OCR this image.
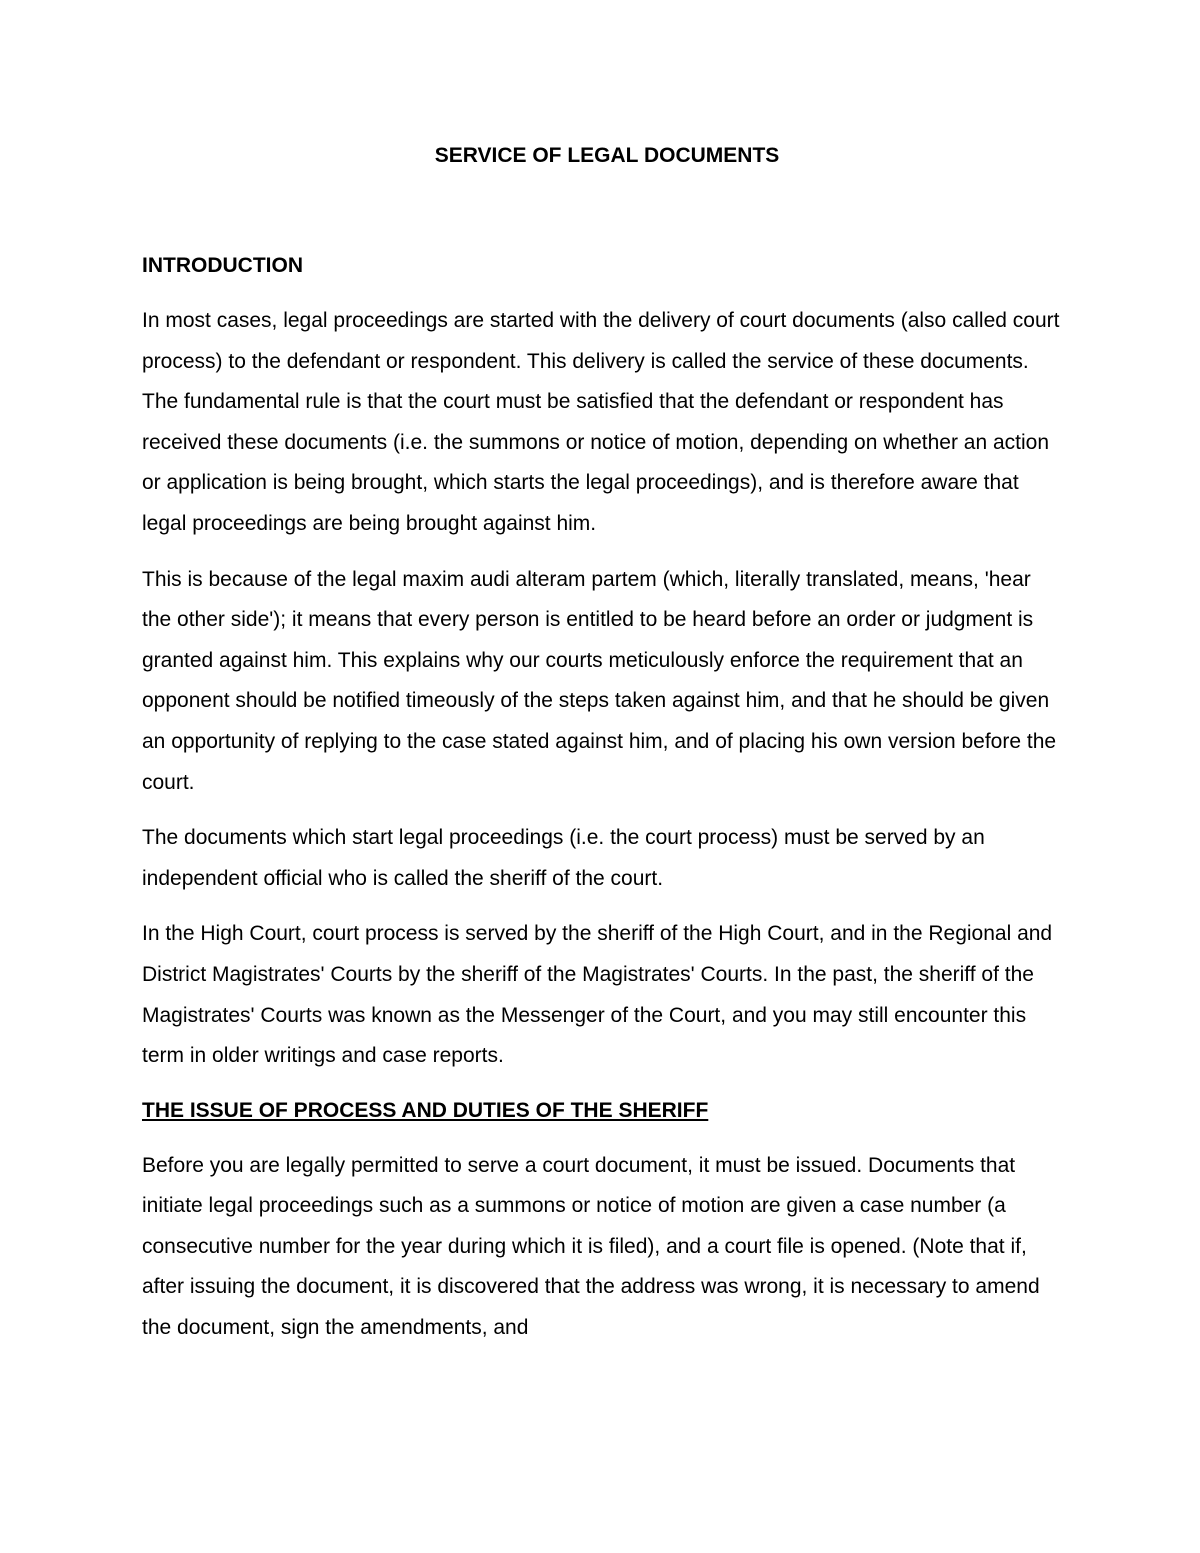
SERVICE OF LEGAL DOCUMENTS
INTRODUCTION

In most cases, legal proceedings are started with the delivery of court documents (also called court process) to the defendant or respondent. This delivery is called the service of these documents. The fundamental rule is that the court must be satisfied that the defendant or respondent has received these documents (i.e. the summons or notice of motion, depending on whether an action or application is being brought, which starts the legal proceedings), and is therefore aware that legal proceedings are being brought against him.

This is because of the legal maxim audi alteram partem (which, literally translated, means, 'hear the other side'); it means that every person is entitled to be heard before an order or judgment is granted against him. This explains why our courts meticulously enforce the requirement that an opponent should be notified timeously of the steps taken against him, and that he should be given an opportunity of replying to the case stated against him, and of placing his own version before the court.

The documents which start legal proceedings (i.e. the court process) must be served by an independent official who is called the sheriff of the court.

In the High Court, court process is served by the sheriff of the High Court, and in the Regional and District Magistrates' Courts by the sheriff of the Magistrates' Courts. In the past, the sheriff of the Magistrates' Courts was known as the Messenger of the Court, and you may still encounter this term in older writings and case reports.

THE ISSUE OF PROCESS AND DUTIES OF THE SHERIFF

Before you are legally permitted to serve a court document, it must be issued. Documents that initiate legal proceedings such as a summons or notice of motion are given a case number (a consecutive number for the year during which it is filed), and a court file is opened. (Note that if, after issuing the document, it is discovered that the address was wrong, it is necessary to amend the document, sign the amendments, and
